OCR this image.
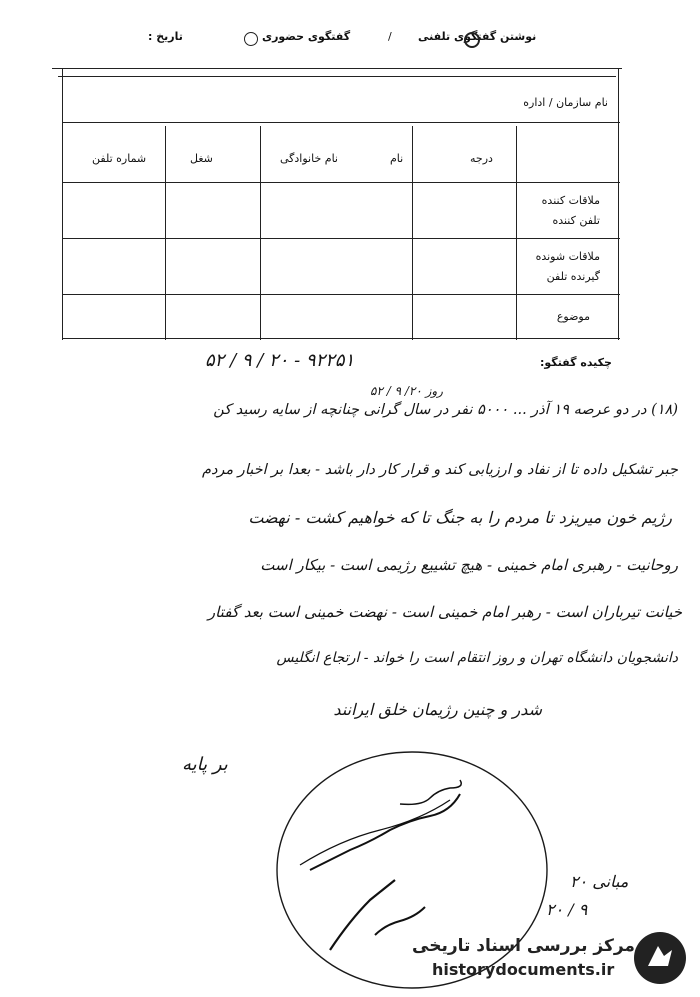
تاریخ :	گفتگوی حضوری	/ نوشتن گفتگوی تلفنی
نام سازمان / اداره
درجه
نام
نام خانوادگی
شغل
شماره تلفن
ملاقات کننده
تلفن کننده
ملاقات شونده
گیرنده تلفن
موضوع
چکیده گفتگو:
۹۲۲۵۱ - ۲۰ / ۹ / ۵۲
روز ۲۰/ ۹ / ۵۲
(۱۸) در دو عرصه ۱۹ آذر ... ۵۰۰۰ نفر در سال گرانی چنانچه از سایه رسید کن
جبر تشکیل داده تا از نفاد و ارزیابی کند و قرار کار دار باشد - بعدا بر اخبار مردم
رژیم خون میریزد تا مردم را به جنگ تا که خواهیم کشت - نهضت
روحانیت - رهبری امام خمینی - هیچ تشییع رژیمی است - بیکار است
خیانت تیرباران است - رهبر امام خمینی است - نهضت خمینی است بعد گفتار
دانشجویان دانشگاه تهران و روز انتقام است را خواند - ارتجاع انگلیس
شدر و چنین رژیمان خلق ایرانند
بر پایه
مبانی ۲۰
۹ / ۲۰
مرکز بررسی اسناد تاریخی
historydocuments.ir
